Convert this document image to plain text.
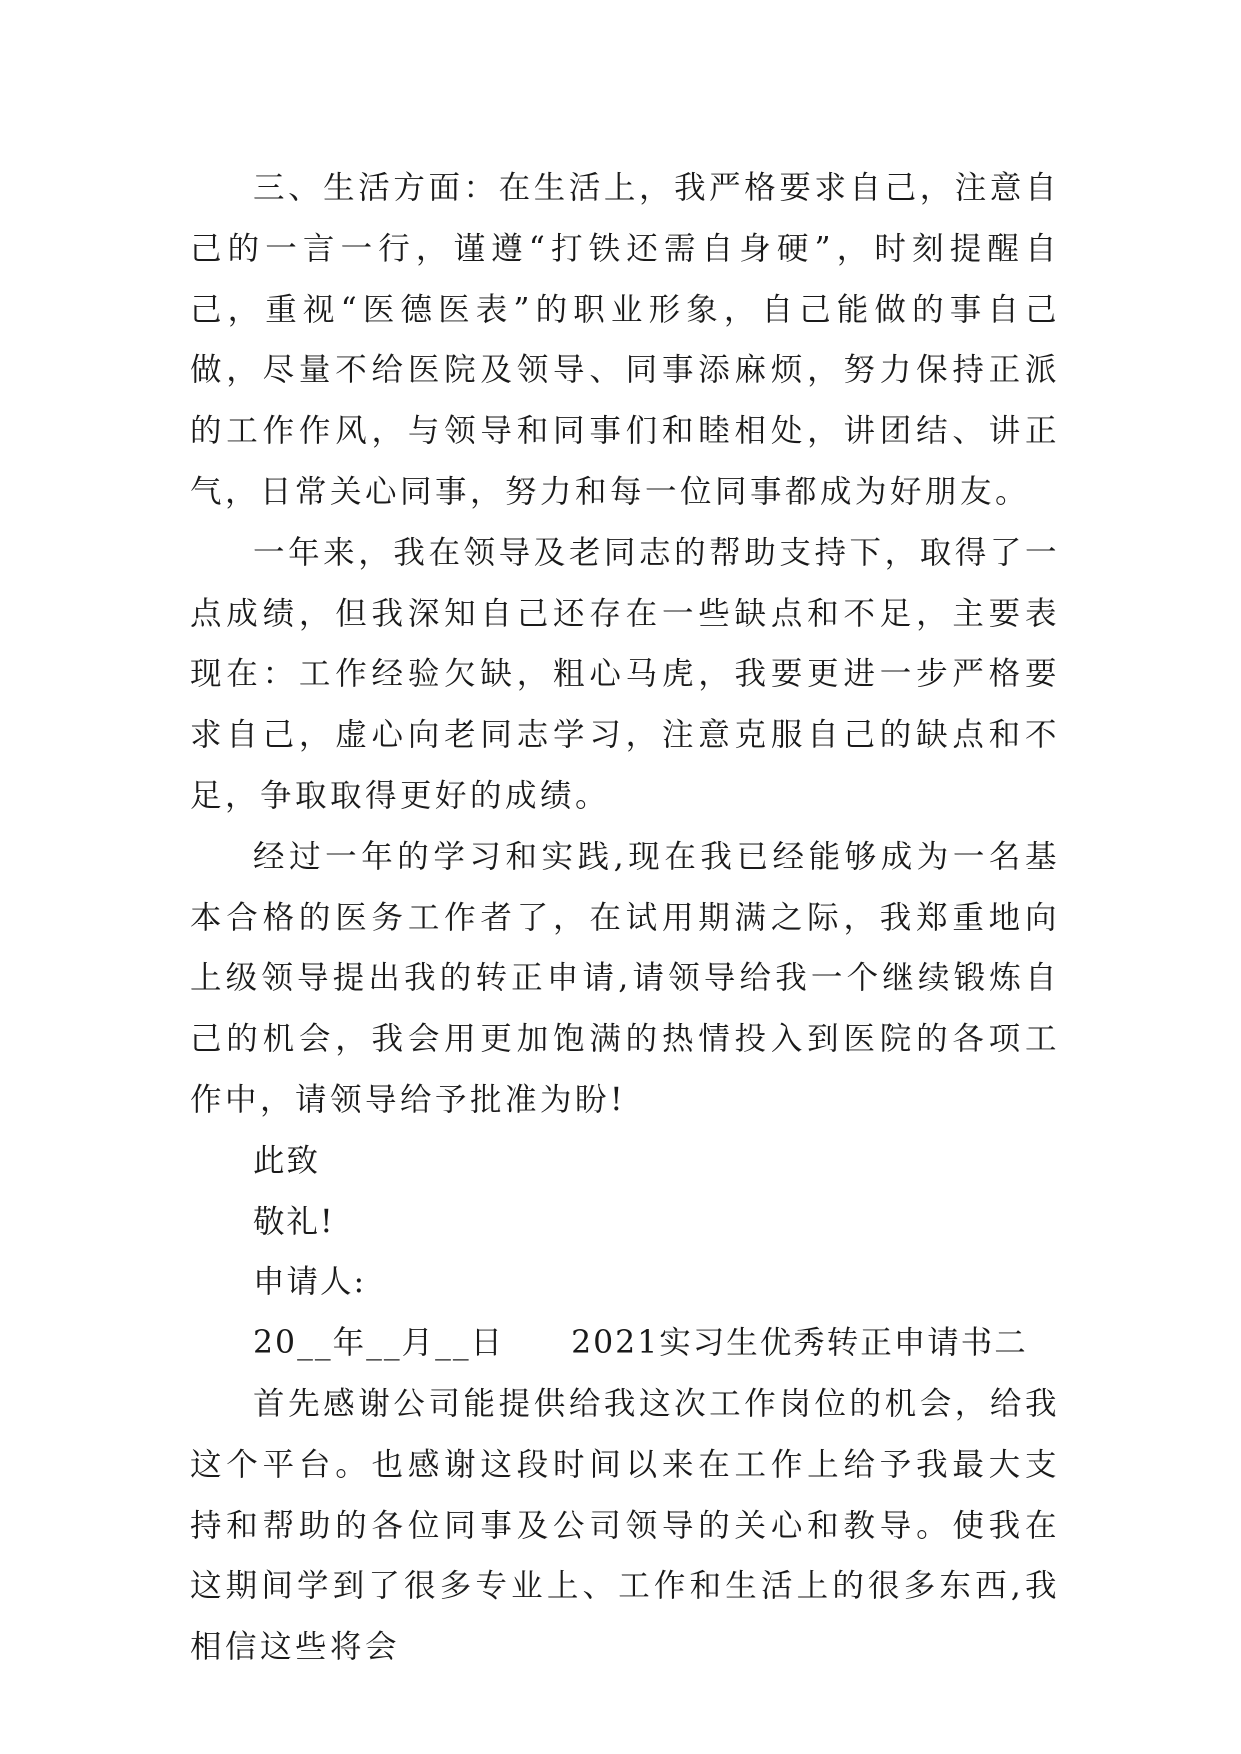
三、生活方面：在生活上，我严格要求自己，注意自己的一言一行，谨遵“打铁还需自身硬”，时刻提醒自己，重视“医德医表”的职业形象，自己能做的事自己做，尽量不给医院及领导、同事添麻烦，努力保持正派的工作作风，与领导和同事们和睦相处，讲团结、讲正气，日常关心同事，努力和每一位同事都成为好朋友。

一年来，我在领导及老同志的帮助支持下，取得了一点成绩，但我深知自己还存在一些缺点和不足，主要表现在：工作经验欠缺，粗心马虎，我要更进一步严格要求自己，虚心向老同志学习，注意克服自己的缺点和不足，争取取得更好的成绩。

经过一年的学习和实践,现在我已经能够成为一名基本合格的医务工作者了，在试用期满之际，我郑重地向上级领导提出我的转正申请,请领导给我一个继续锻炼自己的机会，我会用更加饱满的热情投入到医院的各项工作中，请领导给予批准为盼!

此致

敬礼!

申请人:

20__年__月__日　　2021实习生优秀转正申请书二

首先感谢公司能提供给我这次工作岗位的机会，给我这个平台。也感谢这段时间以来在工作上给予我最大支持和帮助的各位同事及公司领导的关心和教导。使我在这期间学到了很多专业上、工作和生活上的很多东西,我相信这些将会
